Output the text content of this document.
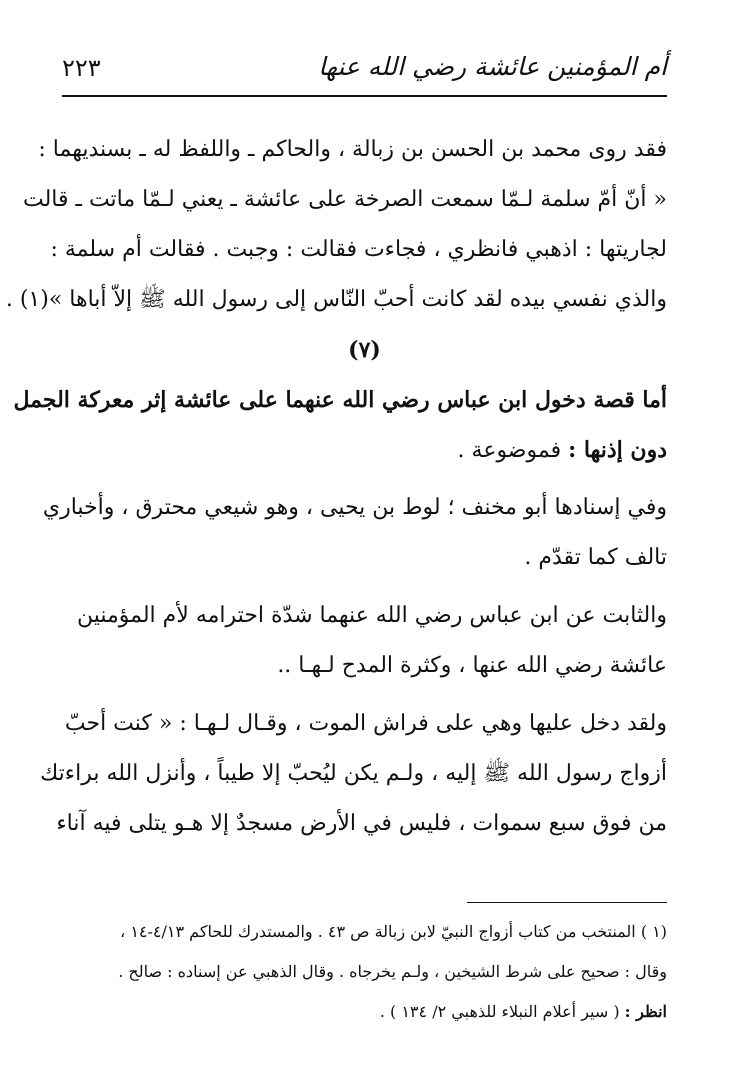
أم المؤمنين عائشة رضي الله عنها
٢٢٣
فقد روى محمد بن الحسن بن زبالة ، والحاكم ـ واللفظ له ـ بسنديهما :
« أنّ أمّ سلمة لـمّا سمعت الصرخة على عائشة ـ يعني لـمّا ماتت ـ قالت
لجاريتها : اذهبي فانظري ، فجاءت فقالت : وجبت . فقالت أم سلمة :
والذي نفسي بيده لقد كانت أحبّ النّاس إلى رسول الله ﷺ إلاّ أباها »(١) .
(٧)
أما قصة دخول ابن عباس رضي الله عنهما على عائشة إثر معركة الجمل
دون إذنها : فموضوعة .
وفي إسنادها أبو مخنف ؛ لوط بن يحيى ، وهو شيعي محترق ، وأخباري
تالف كما تقدّم .
والثابت عن ابن عباس رضي الله عنهما شدّة احترامه لأم المؤمنين
عائشة رضي الله عنها ، وكثرة المدح لـهـا ..
ولقد دخل عليها وهي على فراش الموت ، وقـال لـهـا : « كنت أحبّ
أزواج رسول الله ﷺ إليه ، ولـم يكن ليُحبّ إلا طيباً ، وأنزل الله براءتك
من فوق سبع سموات ، فليس في الأرض مسجدٌ إلا هـو يتلى فيه آناء
(١ ) المنتخب من كتاب أزواج النبيّ لابن زبالة ص ٤٣ . والمستدرك للحاكم ٤/١٣-١٤ ،
وقال : صحيح على شرط الشيخين ، ولـم يخرجاه . وقال الذهبي عن إسناده : صالح .
انظر : ( سير أعلام النبلاء للذهبي ٢/ ١٣٤ ) .
